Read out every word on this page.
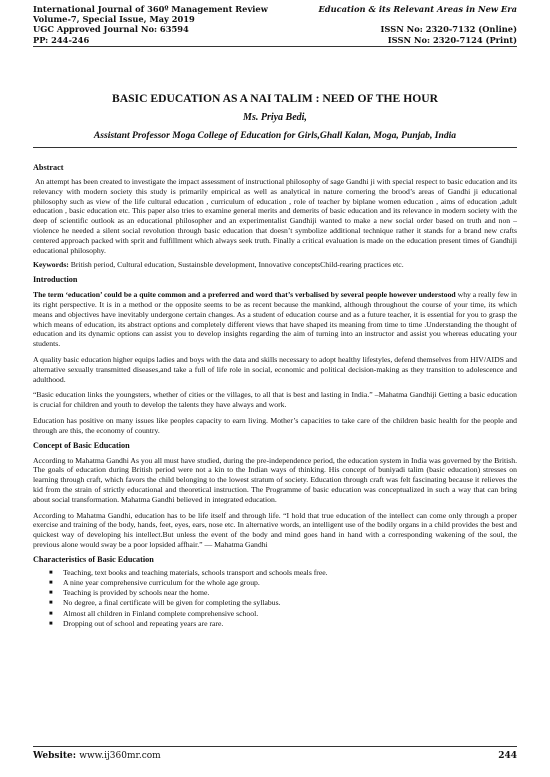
International Journal of 360º Management Review	Education & its Relevant Areas in New Era
Volume-7, Special Issue, May 2019
UGC Approved Journal No: 63594	ISSN No: 2320-7132 (Online)
PP: 244-246	ISSN No: 2320-7124 (Print)
BASIC EDUCATION AS A NAI TALIM : NEED OF THE HOUR
Ms. Priya Bedi,
Assistant Professor Moga College of Education for Girls,Ghall Kalan, Moga, Punjab, India
Abstract

An attempt has been created to investigate the impact assessment of instructional philosophy of sage Gandhi ji with special respect to basic education and its relevancy with modern society this study is primarily empirical as well as analytical in nature cornering the brood’s areas of Gandhi ji educational philosophy such as view of the life cultural education , curriculum of education , role of teacher by biplane women education , aims of education ,adult education , basic education etc. This paper also tries to examine general merits and demerits of basic education and its relevance in modern society with the deep of scientific outlook as an educational philosopher and an experimentalist Gandhiji wanted to make a new social order based on truth and non – violence he needed a silent social revolution through basic education that doesn’t symbolize additional technique rather it stands for a brand new crafts centered approach packed with sprit and fulfillment which always seek truth. Finally a critical evaluation is made on the education present times of Gandhiji educational philosophy.

Keywords: British period, Cultural education, Sustainsble development, Innovative conceptsChild-rearing practices etc.

Introduction

The term ‘education’ could be a quite common and a preferred and word that’s verbalised by several people however understood why a really few in its right perspective. It is in a method or the opposite seems to be as recent because the mankind, although throughout the course of your time, its which means and objectives have inevitably undergone certain changes. As a student of education course and as a future teacher, it is essential for you to grasp the which means of education, its abstract options and completely different views that have shaped its meaning from time to time .Understanding the thought of education and its dynamic options can assist you to develop insights regarding the aim of turning into an instructor and assist you whereas educating your students.

A quality basic education higher equips ladies and boys with the data and skills necessary to adopt healthy lifestyles, defend themselves from HIV/AIDS and alternative sexually transmitted diseases,and take a full of life role in social, economic and political decision-making as they transition to adolescence and adulthood.

“Basic education links the youngsters, whether of cities or the villages, to all that is best and lasting in India.” –Mahatma Gandhiji Getting a basic education is crucial for children and youth to develop the talents they have always and work.

Education has positive on many issues like peoples capacity to earn living. Mother’s capacities to take care of the children basic health for the people and through are this, the economy of country.

Concept of Basic Education

According to Mahatma Gandhi As you all must have studied, during the pre-independence period, the education system in India was governed by the British. The goals of education during British period were not a kin to the Indian ways of thinking. His concept of buniyadi talim (basic education) stresses on learning through craft, which favors the child belonging to the lowest stratum of society. Education through craft was felt fascinating because it relieves the kid from the strain of strictly educational and theoretical instruction. The Programme of basic education was conceptualized in such a way that can bring about social transformation. Mahatma Gandhi believed in integrated education.

According to Mahatma Gandhi, education has to be life itself and through life. “I hold that true education of the intellect can come only through a proper exercise and training of the body, hands, feet, eyes, ears, nose etc. In alternative words, an intelligent use of the bodily organs in a child provides the best and quickest way of developing his intellect.But unless the event of the body and mind goes hand in hand with a corresponding wakening of the soul, the previous alone would sway be a poor lopsided affhair.” — Mahatma Gandhi

Characteristics of Basic Education
■ Teaching, text books and teaching materials, schools transport and schools meals free.
■ A nine year comprehensive curriculum for the whole age group.
■ Teaching is provided by schools near the home.
■ No degree, a final certificate will be given for completing the syllabus.
■ Almost all children in Finland complete comprehensive school.
■ Dropping out of school and repeating years are rare.
Website: www.ij360mr.com	244
